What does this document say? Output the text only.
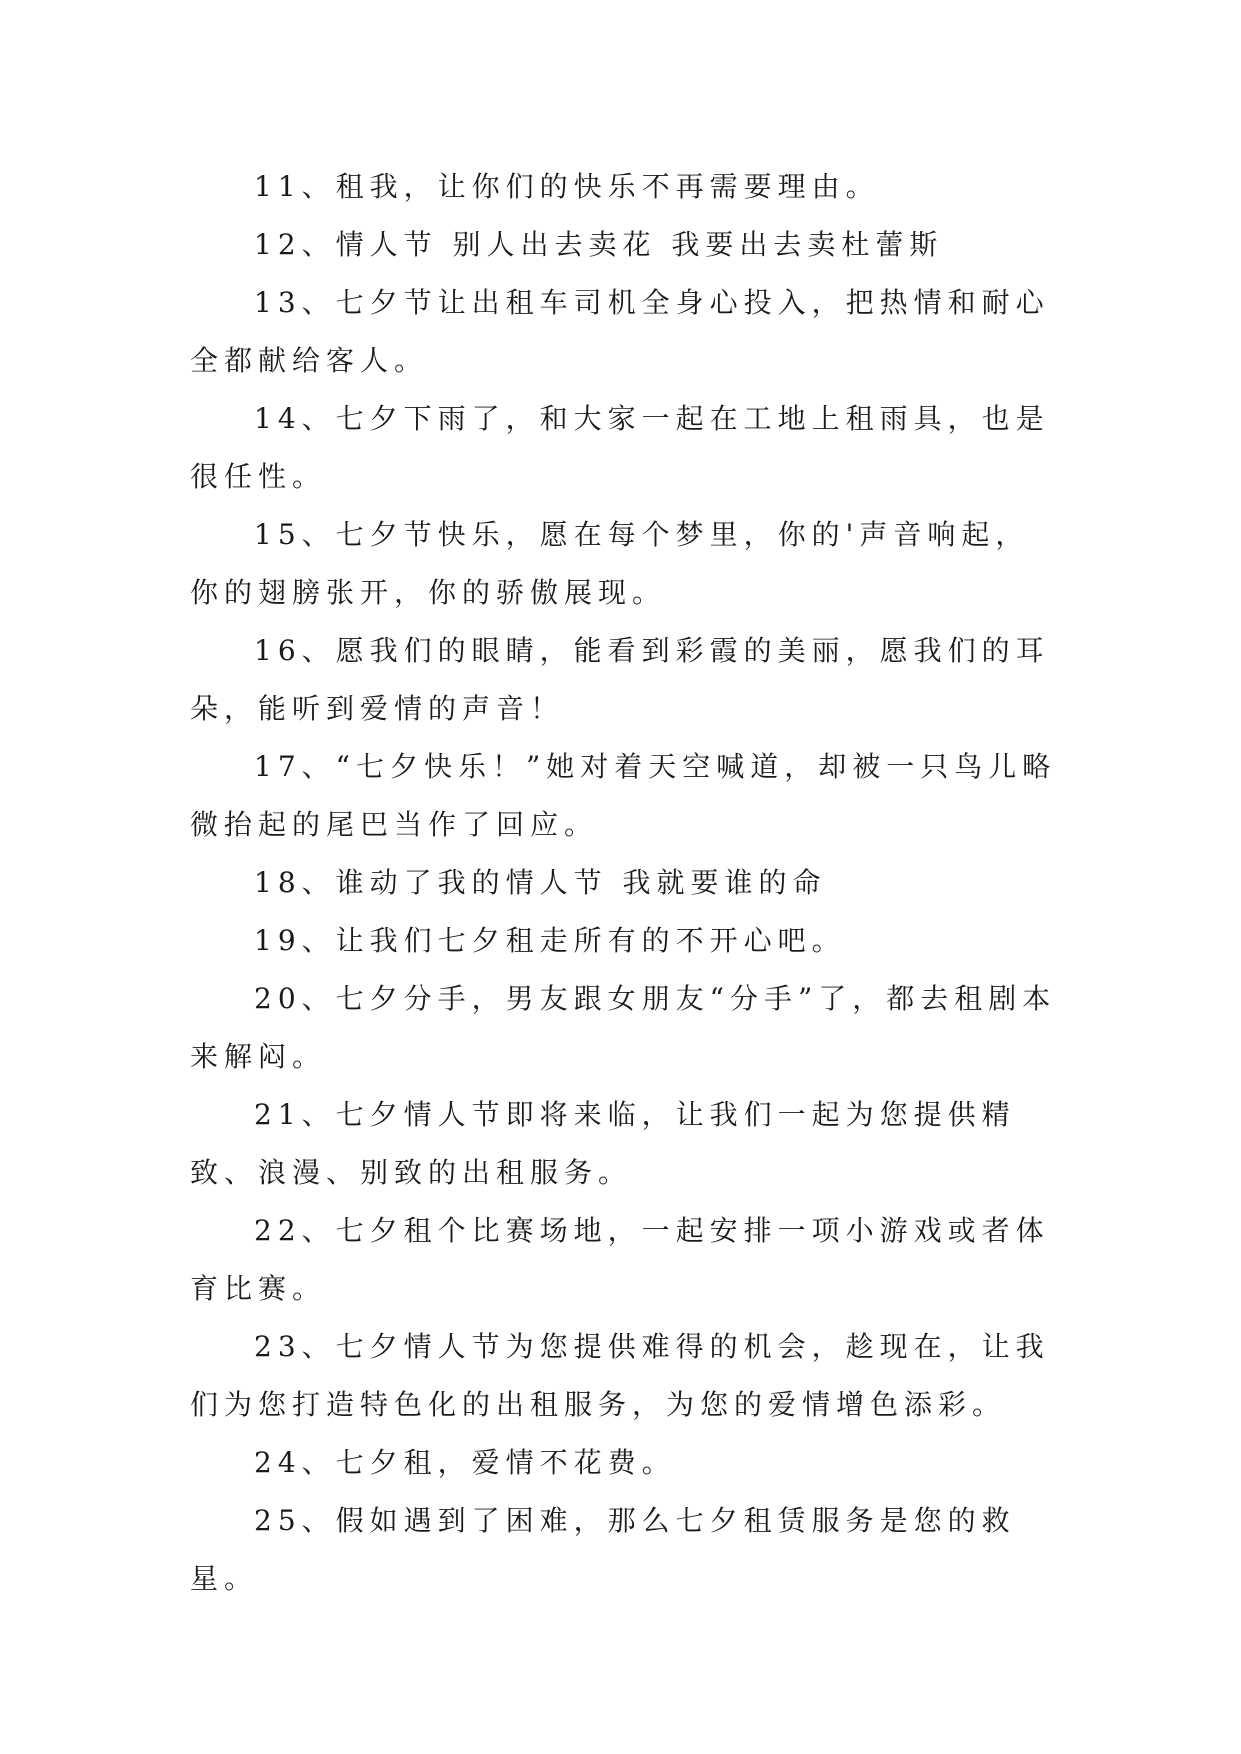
11、租我，让你们的快乐不再需要理由。

12、情人节 别人出去卖花 我要出去卖杜蕾斯

13、七夕节让出租车司机全身心投入，把热情和耐心全都献给客人。

14、七夕下雨了，和大家一起在工地上租雨具，也是很任性。

15、七夕节快乐，愿在每个梦里，你的'声音响起，你的翅膀张开，你的骄傲展现。

16、愿我们的眼睛，能看到彩霞的美丽，愿我们的耳朵，能听到爱情的声音！

17、“七夕快乐！”她对着天空喊道，却被一只鸟儿略微抬起的尾巴当作了回应。

18、谁动了我的情人节 我就要谁的命

19、让我们七夕租走所有的不开心吧。

20、七夕分手，男友跟女朋友“分手”了，都去租剧本来解闷。

21、七夕情人节即将来临，让我们一起为您提供精致、浪漫、别致的出租服务。

22、七夕租个比赛场地，一起安排一项小游戏或者体育比赛。

23、七夕情人节为您提供难得的机会，趁现在，让我们为您打造特色化的出租服务，为您的爱情增色添彩。

24、七夕租，爱情不花费。

25、假如遇到了困难，那么七夕租赁服务是您的救星。
